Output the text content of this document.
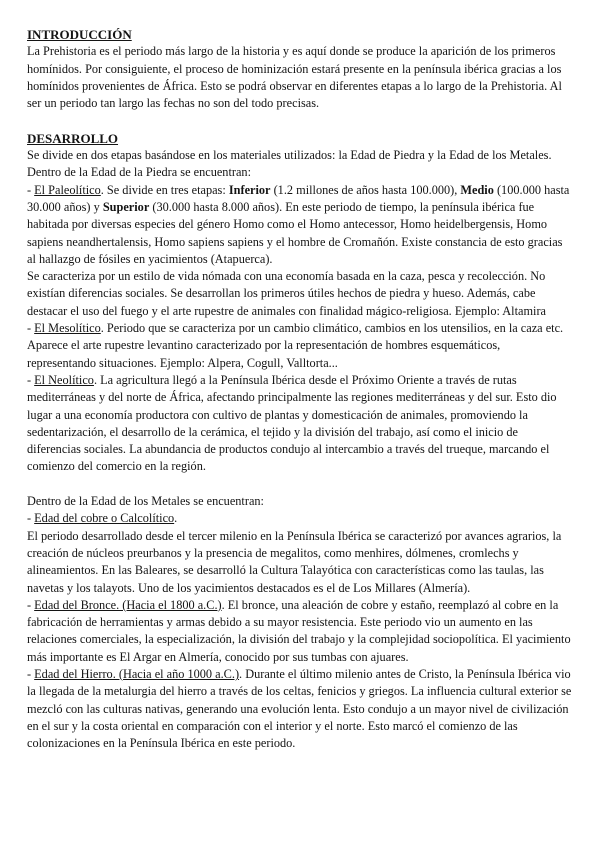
INTRODUCCIÓN

La Prehistoria es el periodo más largo de la historia y es aquí donde se produce la aparición de los primeros homínidos. Por consiguiente, el proceso de hominización estará presente en la península ibérica gracias a los homínidos provenientes de África. Esto se podrá observar en diferentes etapas a lo largo de la Prehistoria. Al ser un periodo tan largo las fechas no son del todo precisas.

DESARROLLO

Se divide en dos etapas basándose en los materiales utilizados: la Edad de Piedra y la Edad de los Metales. Dentro de la Edad de la Piedra se encuentran:

- El Paleolítico. Se divide en tres etapas: Inferior (1.2 millones de años hasta 100.000), Medio (100.000 hasta 30.000 años) y Superior (30.000 hasta 8.000 años). En este periodo de tiempo, la península ibérica fue habitada por diversas especies del género Homo como el Homo antecessor, Homo heidelbergensis, Homo sapiens neandhertalensis, Homo sapiens sapiens y el hombre de Cromañón. Existe constancia de esto gracias al hallazgo de fósiles en yacimientos (Atapuerca).

Se caracteriza por un estilo de vida nómada con una economía basada en la caza, pesca y recolección. No existían diferencias sociales. Se desarrollan los primeros útiles hechos de piedra y hueso. Además, cabe destacar el uso del fuego y el arte rupestre de animales con finalidad mágico-religiosa. Ejemplo: Altamira

- El Mesolítico. Periodo que se caracteriza por un cambio climático, cambios en los utensilios, en la caza etc. Aparece el arte rupestre levantino caracterizado por la representación de hombres esquemáticos, representando situaciones. Ejemplo: Alpera, Cogull, Valltorta...

- El Neolítico. La agricultura llegó a la Península Ibérica desde el Próximo Oriente a través de rutas mediterráneas y del norte de África, afectando principalmente las regiones mediterráneas y del sur. Esto dio lugar a una economía productora con cultivo de plantas y domesticación de animales, promoviendo la sedentarización, el desarrollo de la cerámica, el tejido y la división del trabajo, así como el inicio de diferencias sociales. La abundancia de productos condujo al intercambio a través del trueque, marcando el comienzo del comercio en la región.

Dentro de la Edad de los Metales se encuentran:

- Edad del cobre o Calcolítico.

El periodo desarrollado desde el tercer milenio en la Península Ibérica se caracterizó por avances agrarios, la creación de núcleos preurbanos y la presencia de megalitos, como menhires, dólmenes, cromlechs y alineamientos. En las Baleares, se desarrolló la Cultura Talayótica con características como las taulas, las navetas y los talayots. Uno de los yacimientos destacados es el de Los Millares (Almería).

- Edad del Bronce. (Hacia el 1800 a.C.). El bronce, una aleación de cobre y estaño, reemplazó al cobre en la fabricación de herramientas y armas debido a su mayor resistencia. Este periodo vio un aumento en las relaciones comerciales, la especialización, la división del trabajo y la complejidad sociopolítica. El yacimiento más importante es El Argar en Almería, conocido por sus tumbas con ajuares.

- Edad del Hierro. (Hacia el año 1000 a.C.). Durante el último milenio antes de Cristo, la Península Ibérica vio la llegada de la metalurgia del hierro a través de los celtas, fenicios y griegos. La influencia cultural exterior se mezcló con las culturas nativas, generando una evolución lenta. Esto condujo a un mayor nivel de civilización en el sur y la costa oriental en comparación con el interior y el norte. Esto marcó el comienzo de las colonizaciones en la Península Ibérica en este periodo.
